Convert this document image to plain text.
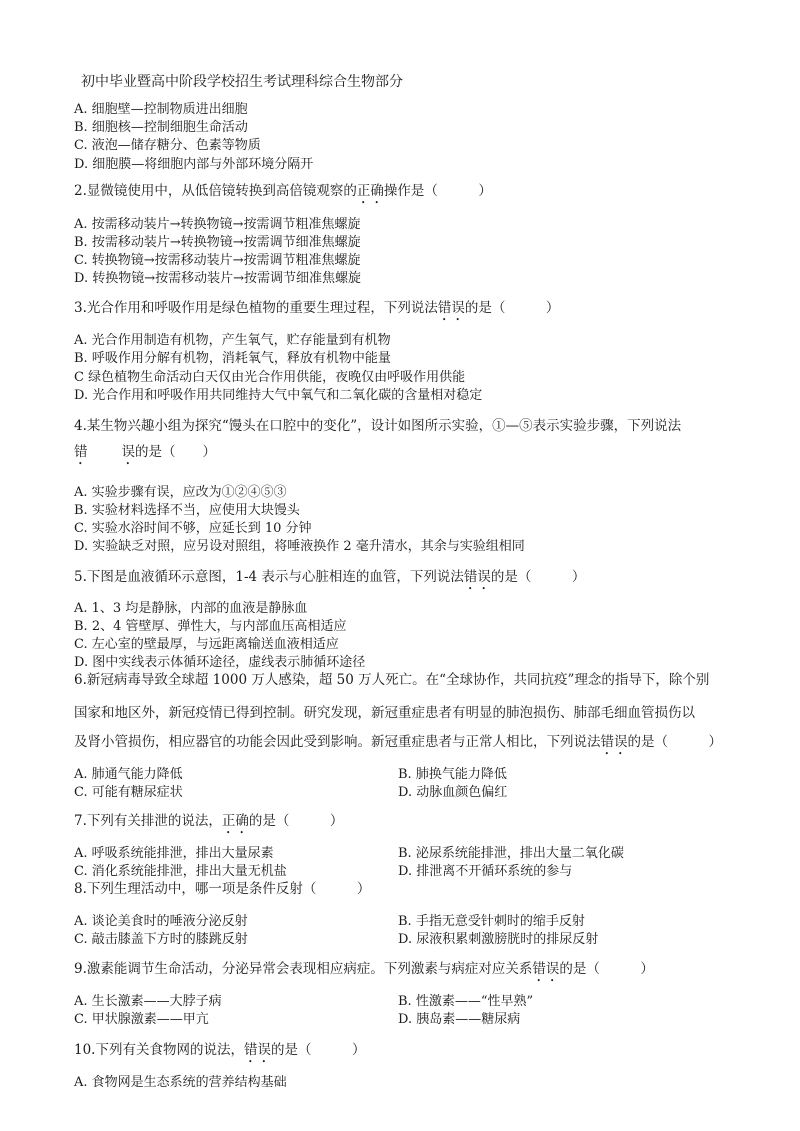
初中毕业暨高中阶段学校招生考试理科综合生物部分
A. 细胞壁—控制物质进出细胞
B. 细胞核—控制细胞生命活动
C. 液泡—储存糖分、色素等物质
D. 细胞膜—将细胞内部与外部环境分隔开
2.显微镜使用中，从低倍镜转换到高倍镜观察的正确操作是（　　　）
A. 按需移动装片→转换物镜→按需调节粗准焦螺旋
B. 按需移动装片→转换物镜→按需调节细准焦螺旋
C. 转换物镜→按需移动装片→按需调节粗准焦螺旋
D. 转换物镜→按需移动装片→按需调节细准焦螺旋
3.光合作用和呼吸作用是绿色植物的重要生理过程，下列说法错误的是（　　　）
A. 光合作用制造有机物，产生氧气，贮存能量到有机物
B. 呼吸作用分解有机物，消耗氧气，释放有机物中能量
C 绿色植物生命活动白天仅由光合作用供能，夜晚仅由呼吸作用供能
D. 光合作用和呼吸作用共同维持大气中氧气和二氧化碳的含量相对稳定
4.某生物兴趣小组为探究“馒头在口腔中的变化”，设计如图所示实验，①—⑤表示实验步骤，下列说法
错	误的是（　　）
A. 实验步骤有误，应改为①②④⑤③
B. 实验材料选择不当，应使用大块馒头
C. 实验水浴时间不够，应延长到 10 分钟
D. 实验缺乏对照，应另设对照组，将唾液换作 2 毫升清水，其余与实验组相同
5.下图是血液循环示意图，1-4 表示与心脏相连的血管，下列说法错误的是（　　　）
A. 1、3 均是静脉，内部的血液是静脉血
B. 2、4 管壁厚、弹性大，与内部血压高相适应
C. 左心室的壁最厚，与远距离输送血液相适应
D. 图中实线表示体循环途径，虚线表示肺循环途径
6.新冠病毒导致全球超 1000 万人感染，超 50 万人死亡。在“全球协作，共同抗疫”理念的指导下，除个别
国家和地区外，新冠疫情已得到控制。研究发现，新冠重症患者有明显的肺泡损伤、肺部毛细血管损伤以
及肾小管损伤，相应器官的功能会因此受到影响。新冠重症患者与正常人相比，下列说法错误的是（　　　）
A. 肺通气能力降低	B. 肺换气能力降低
C. 可能有糖尿症状	D. 动脉血颜色偏红
7.下列有关排泄的说法，正确的是（　　　）
A. 呼吸系统能排泄，排出大量尿素	B. 泌尿系统能排泄，排出大量二氧化碳
C. 消化系统能排泄，排出大量无机盐	D. 排泄离不开循环系统的参与
8.下列生理活动中，哪一项是条件反射（　　　）
A. 谈论美食时的唾液分泌反射	B. 手指无意受针刺时的缩手反射
C. 敲击膝盖下方时的膝跳反射	D. 尿液积累刺激膀胱时的排尿反射
9.激素能调节生命活动，分泌异常会表现相应病症。下列激素与病症对应关系错误的是（　　　）
A. 生长激素——大脖子病	B. 性激素——“性早熟”
C. 甲状腺激素——甲亢	D. 胰岛素——糖尿病
10.下列有关食物网的说法，错误的是（　　　）
A. 食物网是生态系统的营养结构基础
